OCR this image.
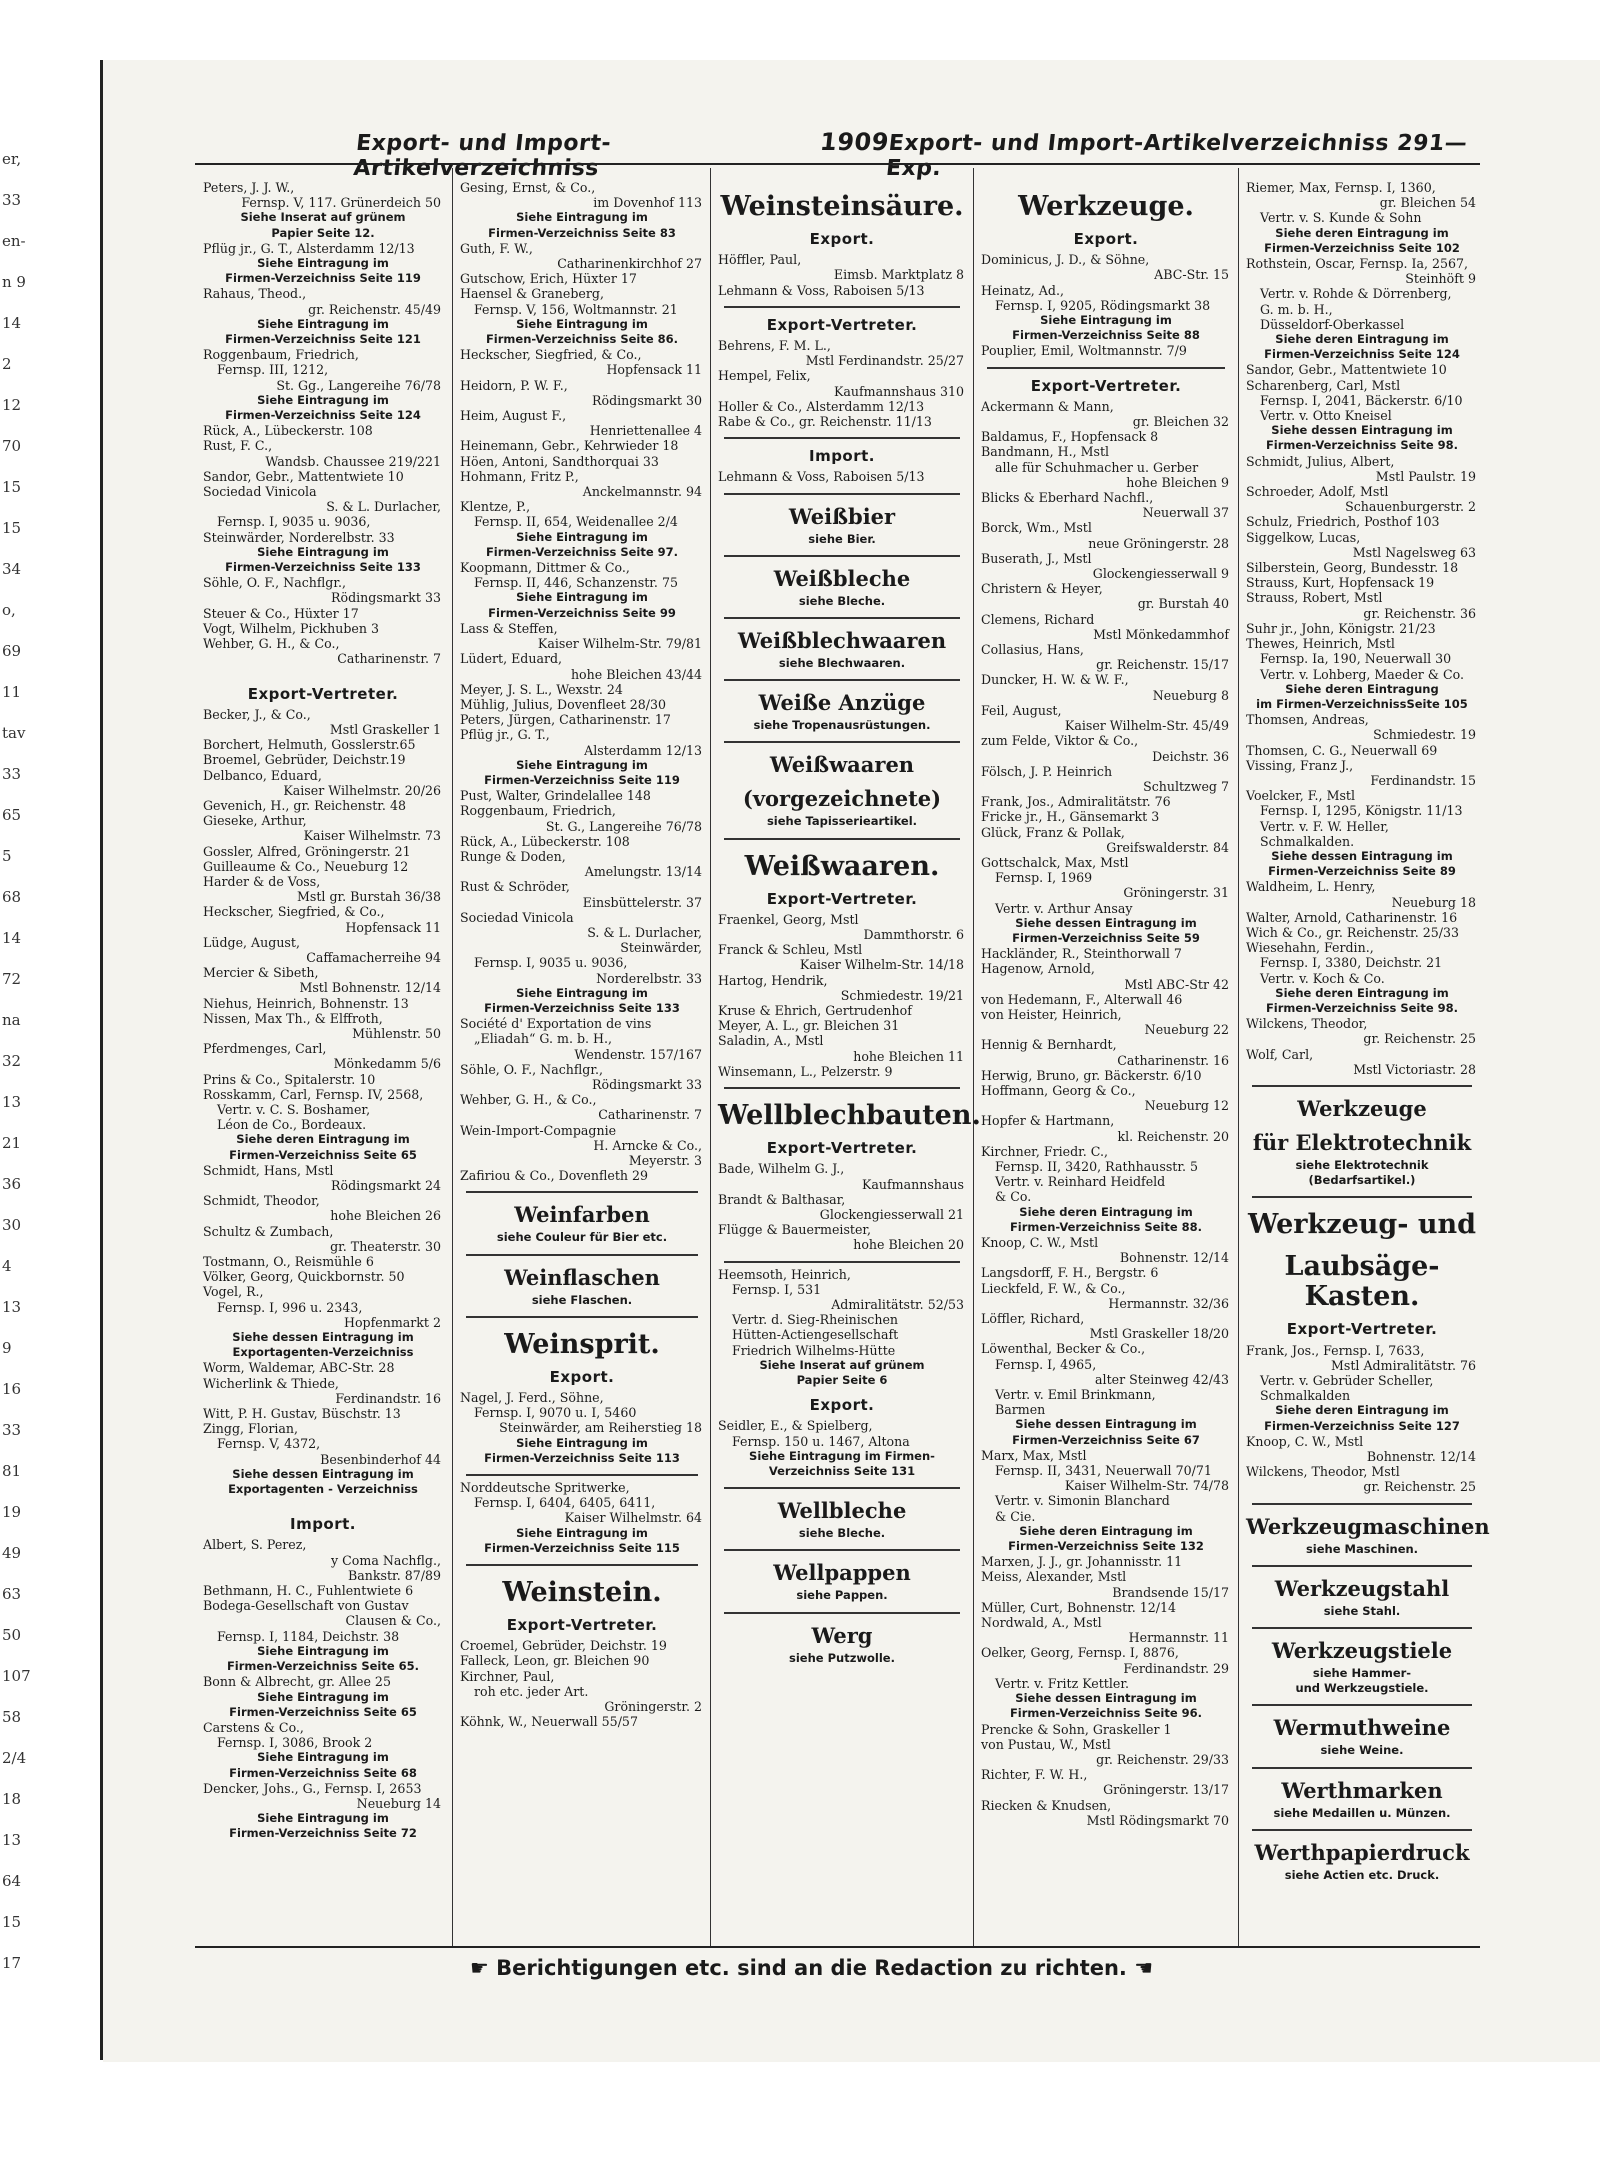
er,
33
en-
n 9
14
2
12
70
15
15
34
o,
69
11
tav
33
65
5
68
14
72
na
32
13
21
36
30
4
13
9
16
33
81
19
49
63
50
107
58
2/4
18
13
64
15
17
Export- und Import-Artikelverzeichniss
1909
Export- und Import-Artikelverzeichniss 291—Exp.
Peters, J. J. W.,
Fernsp. V, 117. Grünerdeich 50
Siehe Inserat auf grünem
Papier Seite 12.
Pflüg jr., G. T., Alsterdamm 12/13
Siehe Eintragung im
Firmen-Verzeichniss Seite 119
Rahaus, Theod.,
gr. Reichenstr. 45/49
Siehe Eintragung im
Firmen-Verzeichniss Seite 121
Roggenbaum, Friedrich,
Fernsp. III, 1212,
St. Gg., Langereihe 76/78
Siehe Eintragung im
Firmen-Verzeichniss Seite 124
Rück, A., Lübeckerstr. 108
Rust, F. C.,
Wandsb. Chaussee 219/221
Sandor, Gebr., Mattentwiete 10
Sociedad Vinicola
S. & L. Durlacher,
Fernsp. I, 9035 u. 9036,
Steinwärder, Norderelbstr. 33
Siehe Eintragung im
Firmen-Verzeichniss Seite 133
Söhle, O. F., Nachflgr.,
Rödingsmarkt 33
Steuer & Co., Hüxter 17
Vogt, Wilhelm, Pickhuben 3
Wehber, G. H., & Co.,
Catharinenstr. 7
Export-Vertreter.
Becker, J., & Co.,
Mstl Graskeller 1
Borchert, Helmuth, Gosslerstr.65
Broemel, Gebrüder, Deichstr.19
Delbanco, Eduard,
Kaiser Wilhelmstr. 20/26
Gevenich, H., gr. Reichenstr. 48
Gieseke, Arthur,
Kaiser Wilhelmstr. 73
Gossler, Alfred, Gröningerstr. 21
Guilleaume & Co., Neueburg 12
Harder & de Voss,
Mstl gr. Burstah 36/38
Heckscher, Siegfried, & Co.,
Hopfensack 11
Lüdge, August,
Caffamacherreihe 94
Mercier & Sibeth,
Mstl Bohnenstr. 12/14
Niehus, Heinrich, Bohnenstr. 13
Nissen, Max Th., & Elffroth,
Mühlenstr. 50
Pferdmenges, Carl,
Mönkedamm 5/6
Prins & Co., Spitalerstr. 10
Rosskamm, Carl, Fernsp. IV, 2568,
Vertr. v. C. S. Boshamer,
Léon de Co., Bordeaux.
Siehe deren Eintragung im
Firmen-Verzeichniss Seite 65
Schmidt, Hans, Mstl
Rödingsmarkt 24
Schmidt, Theodor,
hohe Bleichen 26
Schultz & Zumbach,
gr. Theaterstr. 30
Tostmann, O., Reismühle 6
Völker, Georg, Quickbornstr. 50
Vogel, R.,
Fernsp. I, 996 u. 2343,
Hopfenmarkt 2
Siehe dessen Eintragung im
Exportagenten-Verzeichniss
Worm, Waldemar, ABC-Str. 28
Wicherlink & Thiede,
Ferdinandstr. 16
Witt, P. H. Gustav, Büschstr. 13
Zingg, Florian,
Fernsp. V, 4372,
Besenbinderhof 44
Siehe dessen Eintragung im
Exportagenten - Verzeichniss
Import.
Albert, S. Perez,
y Coma Nachflg.,
Bankstr. 87/89
Bethmann, H. C., Fuhlentwiete 6
Bodega-Gesellschaft von Gustav
Clausen & Co.,
Fernsp. I, 1184, Deichstr. 38
Siehe Eintragung im
Firmen-Verzeichniss Seite 65.
Bonn & Albrecht, gr. Allee 25
Siehe Eintragung im
Firmen-Verzeichniss Seite 65
Carstens & Co.,
Fernsp. I, 3086, Brook 2
Siehe Eintragung im
Firmen-Verzeichniss Seite 68
Dencker, Johs., G., Fernsp. I, 2653
Neueburg 14
Siehe Eintragung im
Firmen-Verzeichniss Seite 72
Gesing, Ernst, & Co.,
im Dovenhof 113
Siehe Eintragung im
Firmen-Verzeichniss Seite 83
Guth, F. W.,
Catharinenkirchhof 27
Gutschow, Erich, Hüxter 17
Haensel & Graneberg,
Fernsp. V, 156, Woltmannstr. 21
Siehe Eintragung im
Firmen-Verzeichniss Seite 86.
Heckscher, Siegfried, & Co.,
Hopfensack 11
Heidorn, P. W. F.,
Rödingsmarkt 30
Heim, August F.,
Henriettenallee 4
Heinemann, Gebr., Kehrwieder 18
Höen, Antoni, Sandthorquai 33
Hohmann, Fritz P.,
Anckelmannstr. 94
Klentze, P.,
Fernsp. II, 654, Weidenallee 2/4
Siehe Eintragung im
Firmen-Verzeichniss Seite 97.
Koopmann, Dittmer & Co.,
Fernsp. II, 446, Schanzenstr. 75
Siehe Eintragung im
Firmen-Verzeichniss Seite 99
Lass & Steffen,
Kaiser Wilhelm-Str. 79/81
Lüdert, Eduard,
hohe Bleichen 43/44
Meyer, J. S. L., Wexstr. 24
Mühlig, Julius, Dovenfleet 28/30
Peters, Jürgen, Catharinenstr. 17
Pflüg jr., G. T.,
Alsterdamm 12/13
Siehe Eintragung im
Firmen-Verzeichniss Seite 119
Pust, Walter, Grindelallee 148
Roggenbaum, Friedrich,
St. G., Langereihe 76/78
Rück, A., Lübeckerstr. 108
Runge & Doden,
Amelungstr. 13/14
Rust & Schröder,
Einsbüttelerstr. 37
Sociedad Vinicola
S. & L. Durlacher,
Steinwärder,
Fernsp. I, 9035 u. 9036,
Norderelbstr. 33
Siehe Eintragung im
Firmen-Verzeichniss Seite 133
Société d' Exportation de vins
„Eliadah“ G. m. b. H.,
Wendenstr. 157/167
Söhle, O. F., Nachflgr.,
Rödingsmarkt 33
Wehber, G. H., & Co.,
Catharinenstr. 7
Wein-Import-Compagnie
H. Arncke & Co.,
Meyerstr. 3
Zafiriou & Co., Dovenfleth 29
Weinfarben
siehe Couleur für Bier etc.
Weinflaschen
siehe Flaschen.
Weinsprit.
Export.
Nagel, J. Ferd., Söhne,
Fernsp. I, 9070 u. I, 5460
Steinwärder, am Reiherstieg 18
Siehe Eintragung im
Firmen-Verzeichniss Seite 113
Norddeutsche Spritwerke,
Fernsp. I, 6404, 6405, 6411,
Kaiser Wilhelmstr. 64
Siehe Eintragung im
Firmen-Verzeichniss Seite 115
Weinstein.
Export-Vertreter.
Croemel, Gebrüder, Deichstr. 19
Falleck, Leon, gr. Bleichen 90
Kirchner, Paul,
roh etc. jeder Art.
Gröningerstr. 2
Köhnk, W., Neuerwall 55/57
Weinsteinsäure.
Export.
Höffler, Paul,
Eimsb. Marktplatz 8
Lehmann & Voss, Raboisen 5/13
Export-Vertreter.
Behrens, F. M. L.,
Mstl Ferdinandstr. 25/27
Hempel, Felix,
Kaufmannshaus 310
Holler & Co., Alsterdamm 12/13
Rabe & Co., gr. Reichenstr. 11/13
Import.
Lehmann & Voss, Raboisen 5/13
Weißbier
siehe Bier.
Weißbleche
siehe Bleche.
Weißblechwaaren
siehe Blechwaaren.
Weiße Anzüge
siehe Tropenausrüstungen.
Weißwaaren
(vorgezeichnete)
siehe Tapisserieartikel.
Weißwaaren.
Export-Vertreter.
Fraenkel, Georg, Mstl
Dammthorstr. 6
Franck & Schleu, Mstl
Kaiser Wilhelm-Str. 14/18
Hartog, Hendrik,
Schmiedestr. 19/21
Kruse & Ehrich, Gertrudenhof
Meyer, A. L., gr. Bleichen 31
Saladin, A., Mstl
hohe Bleichen 11
Winsemann, L., Pelzerstr. 9
Wellblechbauten.
Export-Vertreter.
Bade, Wilhelm G. J.,
Kaufmannshaus
Brandt & Balthasar,
Glockengiesserwall 21
Flügge & Bauermeister,
hohe Bleichen 20
Heemsoth, Heinrich,
Fernsp. I, 531
Admiralitätstr. 52/53
Vertr. d. Sieg-Rheinischen
Hütten-Actiengesellschaft
Friedrich Wilhelms-Hütte
Siehe Inserat auf grünem
Papier Seite 6
Export.
Seidler, E., & Spielberg,
Fernsp. 150 u. 1467, Altona
Siehe Eintragung im Firmen-
Verzeichniss Seite 131
Wellbleche
siehe Bleche.
Wellpappen
siehe Pappen.
Werg
siehe Putzwolle.
Werkzeuge.
Export.
Dominicus, J. D., & Söhne,
ABC-Str. 15
Heinatz, Ad.,
Fernsp. I, 9205, Rödingsmarkt 38
Siehe Eintragung im
Firmen-Verzeichniss Seite 88
Pouplier, Emil, Woltmannstr. 7/9
Export-Vertreter.
Ackermann & Mann,
gr. Bleichen 32
Baldamus, F., Hopfensack 8
Bandmann, H., Mstl
alle für Schuhmacher u. Gerber
hohe Bleichen 9
Blicks & Eberhard Nachfl.,
Neuerwall 37
Borck, Wm., Mstl
neue Gröningerstr. 28
Buserath, J., Mstl
Glockengiesserwall 9
Christern & Heyer,
gr. Burstah 40
Clemens, Richard
Mstl Mönkedammhof
Collasius, Hans,
gr. Reichenstr. 15/17
Duncker, H. W. & W. F.,
Neueburg 8
Feil, August,
Kaiser Wilhelm-Str. 45/49
zum Felde, Viktor & Co.,
Deichstr. 36
Fölsch, J. P. Heinrich
Schultzweg 7
Frank, Jos., Admiralitätstr. 76
Fricke jr., H., Gänsemarkt 3
Glück, Franz & Pollak,
Greifswalderstr. 84
Gottschalck, Max, Mstl
Fernsp. I, 1969
Gröningerstr. 31
Vertr. v. Arthur Ansay
Siehe dessen Eintragung im
Firmen-Verzeichniss Seite 59
Hackländer, R., Steinthorwall 7
Hagenow, Arnold,
Mstl ABC-Str 42
von Hedemann, F., Alterwall 46
von Heister, Heinrich,
Neueburg 22
Hennig & Bernhardt,
Catharinenstr. 16
Herwig, Bruno, gr. Bäckerstr. 6/10
Hoffmann, Georg & Co.,
Neueburg 12
Hopfer & Hartmann,
kl. Reichenstr. 20
Kirchner, Friedr. C.,
Fernsp. II, 3420, Rathhausstr. 5
Vertr. v. Reinhard Heidfeld
& Co.
Siehe deren Eintragung im
Firmen-Verzeichniss Seite 88.
Knoop, C. W., Mstl
Bohnenstr. 12/14
Langsdorff, F. H., Bergstr. 6
Lieckfeld, F. W., & Co.,
Hermannstr. 32/36
Löffler, Richard,
Mstl Graskeller 18/20
Löwenthal, Becker & Co.,
Fernsp. I, 4965,
alter Steinweg 42/43
Vertr. v. Emil Brinkmann,
Barmen
Siehe dessen Eintragung im
Firmen-Verzeichniss Seite 67
Marx, Max, Mstl
Fernsp. II, 3431, Neuerwall 70/71
Kaiser Wilhelm-Str. 74/78
Vertr. v. Simonin Blanchard
& Cie.
Siehe deren Eintragung im
Firmen-Verzeichniss Seite 132
Marxen, J. J., gr. Johannisstr. 11
Meiss, Alexander, Mstl
Brandsende 15/17
Müller, Curt, Bohnenstr. 12/14
Nordwald, A., Mstl
Hermannstr. 11
Oelker, Georg, Fernsp. I, 8876,
Ferdinandstr. 29
Vertr. v. Fritz Kettler.
Siehe dessen Eintragung im
Firmen-Verzeichniss Seite 96.
Prencke & Sohn, Graskeller 1
von Pustau, W., Mstl
gr. Reichenstr. 29/33
Richter, F. W. H.,
Gröningerstr. 13/17
Riecken & Knudsen,
Mstl Rödingsmarkt 70
Riemer, Max, Fernsp. I, 1360,
gr. Bleichen 54
Vertr. v. S. Kunde & Sohn
Siehe deren Eintragung im
Firmen-Verzeichniss Seite 102
Rothstein, Oscar, Fernsp. Ia, 2567,
Steinhöft 9
Vertr. v. Rohde & Dörrenberg,
G. m. b. H.,
Düsseldorf-Oberkassel
Siehe deren Eintragung im
Firmen-Verzeichniss Seite 124
Sandor, Gebr., Mattentwiete 10
Scharenberg, Carl, Mstl
Fernsp. I, 2041, Bäckerstr. 6/10
Vertr. v. Otto Kneisel
Siehe dessen Eintragung im
Firmen-Verzeichniss Seite 98.
Schmidt, Julius, Albert,
Mstl Paulstr. 19
Schroeder, Adolf, Mstl
Schauenburgerstr. 2
Schulz, Friedrich, Posthof 103
Siggelkow, Lucas,
Mstl Nagelsweg 63
Silberstein, Georg, Bundesstr. 18
Strauss, Kurt, Hopfensack 19
Strauss, Robert, Mstl
gr. Reichenstr. 36
Suhr jr., John, Königstr. 21/23
Thewes, Heinrich, Mstl
Fernsp. Ia, 190, Neuerwall 30
Vertr. v. Lohberg, Maeder & Co.
Siehe deren Eintragung
im Firmen-VerzeichnissSeite 105
Thomsen, Andreas,
Schmiedestr. 19
Thomsen, C. G., Neuerwall 69
Vissing, Franz J.,
Ferdinandstr. 15
Voelcker, F., Mstl
Fernsp. I, 1295, Königstr. 11/13
Vertr. v. F. W. Heller,
Schmalkalden.
Siehe dessen Eintragung im
Firmen-Verzeichniss Seite 89
Waldheim, L. Henry,
Neueburg 18
Walter, Arnold, Catharinenstr. 16
Wich & Co., gr. Reichenstr. 25/33
Wiesehahn, Ferdin.,
Fernsp. I, 3380, Deichstr. 21
Vertr. v. Koch & Co.
Siehe deren Eintragung im
Firmen-Verzeichniss Seite 98.
Wilckens, Theodor,
gr. Reichenstr. 25
Wolf, Carl,
Mstl Victoriastr. 28
Werkzeuge
für Elektrotechnik
siehe Elektrotechnik
(Bedarfsartikel.)
Werkzeug- und
Laubsäge-Kasten.
Export-Vertreter.
Frank, Jos., Fernsp. I, 7633,
Mstl Admiralitätstr. 76
Vertr. v. Gebrüder Scheller,
Schmalkalden
Siehe deren Eintragung im
Firmen-Verzeichniss Seite 127
Knoop, C. W., Mstl
Bohnenstr. 12/14
Wilckens, Theodor, Mstl
gr. Reichenstr. 25
Werkzeugmaschinen
siehe Maschinen.
Werkzeugstahl
siehe Stahl.
Werkzeugstiele
siehe Hammer-
und Werkzeugstiele.
Wermuthweine
siehe Weine.
Werthmarken
siehe Medaillen u. Münzen.
Werthpapierdruck
siehe Actien etc. Druck.
☛ Berichtigungen etc. sind an die Redaction zu richten. ☚
